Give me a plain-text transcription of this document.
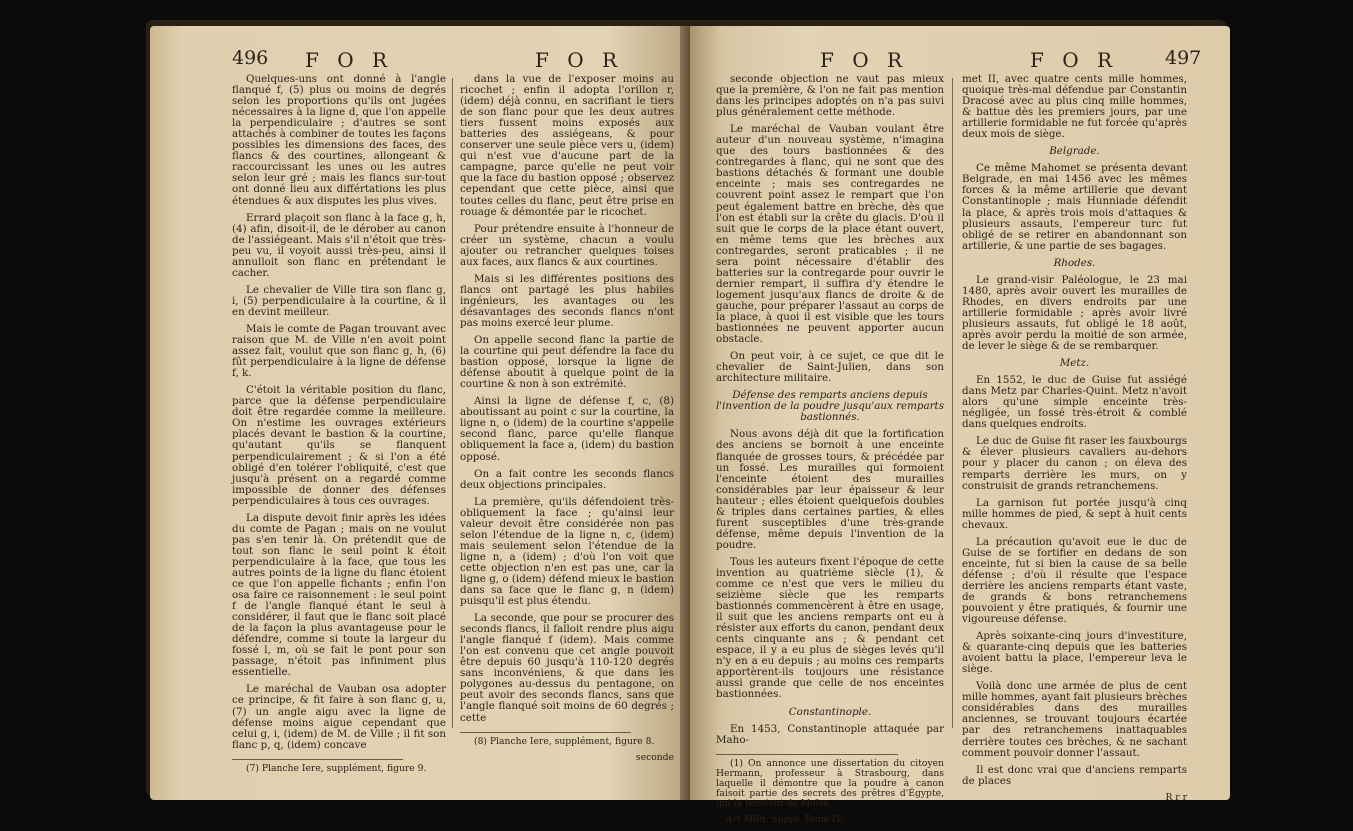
496 F O R	F O R

Quelques-uns ont donné à l'angle flanqué f, (5) plus ou moins de degrés selon les proportions qu'ils ont jugées nécessaires à la ligne d, que l'on appelle la perpendiculaire ; d'autres se sont attachés à combiner de toutes les façons possibles les dimensions des faces, des flancs & des courtines, allongeant & raccourcissant les unes ou les autres selon leur gré ; mais les flancs sur-tout ont donné lieu aux différtations les plus étendues & aux disputes les plus vives.

Errard plaçoit son flanc à la face g, h, (4) afin, disoit-il, de le dérober au canon de l'assiégeant. Mais s'il n'étoit que très-peu vu, il voyoit aussi très-peu, ainsi il annulloit son flanc en prétendant le cacher.

Le chevalier de Ville tira son flanc g, i, (5) perpendiculaire à la courtine, & il en devint meilleur.

Mais le comte de Pagan trouvant avec raison que M. de Ville n'en avoit point assez fait, voulut que son flanc g, h, (6) fût perpendiculaire à la ligne de défense f, k.

C'étoit la véritable position du flanc, parce que la défense perpendiculaire doit être regardée comme la meilleure. On n'estime les ouvrages extérieurs placés devant le bastion & la courtine, qu'autant qu'ils se flanquent perpendiculairement ; & si l'on a été obligé d'en tolérer l'obliquité, c'est que jusqu'à présent on a regardé comme impossible de donner des défenses perpendiculaires à tous ces ouvrages.

La dispute devoit finir après les idées du comte de Pagan ; mais on ne voulut pas s'en tenir là. On prétendit que de tout son flanc le seul point k étoit perpendiculaire à la face, que tous les autres points de la ligne du flanc étoient ce que l'on appelle fichants ; enfin l'on osa faire ce raisonnement : le seul point f de l'angle flanqué étant le seul à considérer, il faut que le flanc soit placé de la façon la plus avantageuse pour le défendre, comme si toute la largeur du fossé l, m, où se fait le pont pour son passage, n'étoit pas infiniment plus essentielle.

Le maréchal de Vauban osa adopter ce principe, & fit faire à son flanc g, u, (7) un angle aigu avec la ligne de défense moins aigue cependant que celui g, i, (idem) de M. de Ville ; il fit son flanc p, q, (idem) concave

(7) Planche Iere, supplément, figure 9.

dans la vue de l'exposer moins au ricochet ; enfin il adopta l'orillon r, (idem) déjà connu, en sacrifiant le tiers de son flanc pour que les deux autres tiers fussent moins exposés aux batteries des assiégeans, & pour conserver une seule pièce vers u, (idem) qui n'est vue d'aucune part de la campagne, parce qu'elle ne peut voir que la face du bastion opposé ; observez cependant que cette pièce, ainsi que toutes celles du flanc, peut être prise en rouage & démontée par le ricochet.

Pour prétendre ensuite à l'honneur de créer un système, chacun a voulu ajouter ou retrancher quelques toises aux faces, aux flancs & aux courtines.

Mais si les différentes positions des flancs ont partagé les plus habiles ingénieurs, les avantages ou les désavantages des seconds flancs n'ont pas moins exercé leur plume.

On appelle second flanc la partie de la courtine qui peut défendre la face du bastion opposé, lorsque la ligne de défense aboutit à quelque point de la courtine & non à son extrémité.

Ainsi la ligne de défense f, c, (8) aboutissant au point c sur la courtine, la ligne n, o (idem) de la courtine s'appelle second flanc, parce qu'elle flanque obliquement la face a, (idem) du bastion opposé.

On a fait contre les seconds flancs deux objections principales.

La première, qu'ils défendoient très-obliquement la face ; qu'ainsi leur valeur devoit être considérée non pas selon l'étendue de la ligne n, c, (idem) mais seulement selon l'étendue de la ligne n, a (idem) ; d'où l'on voit que cette objection n'en est pas une, car la ligne g, o (idem) défend mieux le bastion dans sa face que le flanc g, n (idem) puisqu'il est plus étendu.

La seconde, que pour se procurer des seconds flancs, il falloit rendre plus aigu l'angle flanqué f (idem). Mais comme l'on est convenu que cet angle pouvoit être depuis 60 jusqu'à 110-120 degrés sans inconvéniens, & que dans les polygones au-dessus du pentagone, on peut avoir des seconds flancs, sans que l'angle flanqué soit moins de 60 degrés ; cette

(8) Planche Iere, supplément, figure 8.

seconde

F O R	F O R 497

seconde objection ne vaut pas mieux que la première, & l'on ne fait pas mention dans les principes adoptés on n'a pas suivi plus généralement cette méthode.

Le maréchal de Vauban voulant être auteur d'un nouveau système, n'imagina que des tours bastionnées & des contregardes à flanc, qui ne sont que des bastions détachés & formant une double enceinte ; mais ses contregardes ne couvrent point assez le rempart que l'on peut également battre en brèche, dès que l'on est établi sur la crête du glacis. D'où il suit que le corps de la place étant ouvert, en même tems que les brèches aux contregardes, seront praticables ; il ne sera point nécessaire d'établir des batteries sur la contregarde pour ouvrir le dernier rempart, il suffira d'y étendre le logement jusqu'aux flancs de droite & de gauche, pour préparer l'assaut au corps de la place, à quoi il est visible que les tours bastionnées ne peuvent apporter aucun obstacle.

On peut voir, à ce sujet, ce que dit le chevalier de Saint-Julien, dans son architecture militaire.

Défense des remparts anciens depuis l'invention de la poudre jusqu'aux remparts bastionnés.

Nous avons déjà dit que la fortification des anciens se bornoit à une enceinte flanquée de grosses tours, & précédée par un fossé. Les murailles qui formoient l'enceinte étoient des murailles considérables par leur épaisseur & leur hauteur ; elles étoient quelquefois doubles & triples dans certaines parties, & elles furent susceptibles d'une très-grande défense, même depuis l'invention de la poudre.

Tous les auteurs fixent l'époque de cette invention au quatrième siècle (1), & comme ce n'est que vers le milieu du seizième siècle que les remparts bastionnés commencèrent à être en usage, il suit que les anciens remparts ont eu à résister aux efforts du canon, pendant deux cents cinquante ans ; & pendant cet espace, il y a eu plus de sièges levés qu'il n'y en a eu depuis ; au moins ces remparts apportèrent-ils toujours une résistance aussi grande que celle de nos enceintes bastionnées.

Constantinople.

En 1453, Constantinople attaquée par Maho-

(1) On annonce une dissertation du citoyen Hermann, professeur à Strasbourg, dans laquelle il démontre que la poudre à canon faisoit partie des secrets des prêtres d'Égypte, qui la tenoient de Moïse.

Art Milit. Suppl. Tome IV.

met II, avec quatre cents mille hommes, quoique très-mal défendue par Constantin Dracosé avec au plus cinq mille hommes, & battue dès les premiers jours, par une artillerie formidable ne fut forcée qu'après deux mois de siège.

Belgrade.

Ce même Mahomet se présenta devant Belgrade, en mai 1456 avec les mêmes forces & la même artillerie que devant Constantinople ; mais Hunniade défendit la place, & après trois mois d'attaques & plusieurs assauts, l'empereur turc fut obligé de se retirer en abandonnant son artillerie, & une partie de ses bagages.

Rhodes.

Le grand-visir Paléologue, le 23 mai 1480, après avoir ouvert les murailles de Rhodes, en divers endroits par une artillerie formidable ; après avoir livré plusieurs assauts, fut obligé le 18 août, après avoir perdu la moitié de son armée, de lever le siège & de se rembarquer.

Metz.

En 1552, le duc de Guise fut assiégé dans Metz par Charles-Quint. Metz n'avoit alors qu'une simple enceinte très-négligée, un fossé très-étroit & comblé dans quelques endroits.

Le duc de Guise fit raser les fauxbourgs & élever plusieurs cavaliers au-dehors pour y placer du canon ; on éleva des remparts derrière les murs, on y construisit de grands retranchemens.

La garnison fut portée jusqu'à cinq mille hommes de pied, & sept à huit cents chevaux.

La précaution qu'avoit eue le duc de Guise de se fortifier en dedans de son enceinte, fut si bien la cause de sa belle défense ; d'où il résulte que l'espace derrière les anciens remparts étant vaste, de grands & bons retranchemens pouvoient y être pratiqués, & fournir une vigoureuse défense.

Après soixante-cinq jours d'investiture, & quarante-cinq depuis que les batteries avoient battu la place, l'empereur leva le siège.

Voilà donc une armée de plus de cent mille hommes, ayant fait plusieurs brèches considérables dans des murailles anciennes, se trouvant toujours écartée par des retranchemens inattaquables derrière toutes ces brèches, & ne sachant comment pouvoir donner l'assaut.

Il est donc vrai que d'anciens remparts de places

R r r
